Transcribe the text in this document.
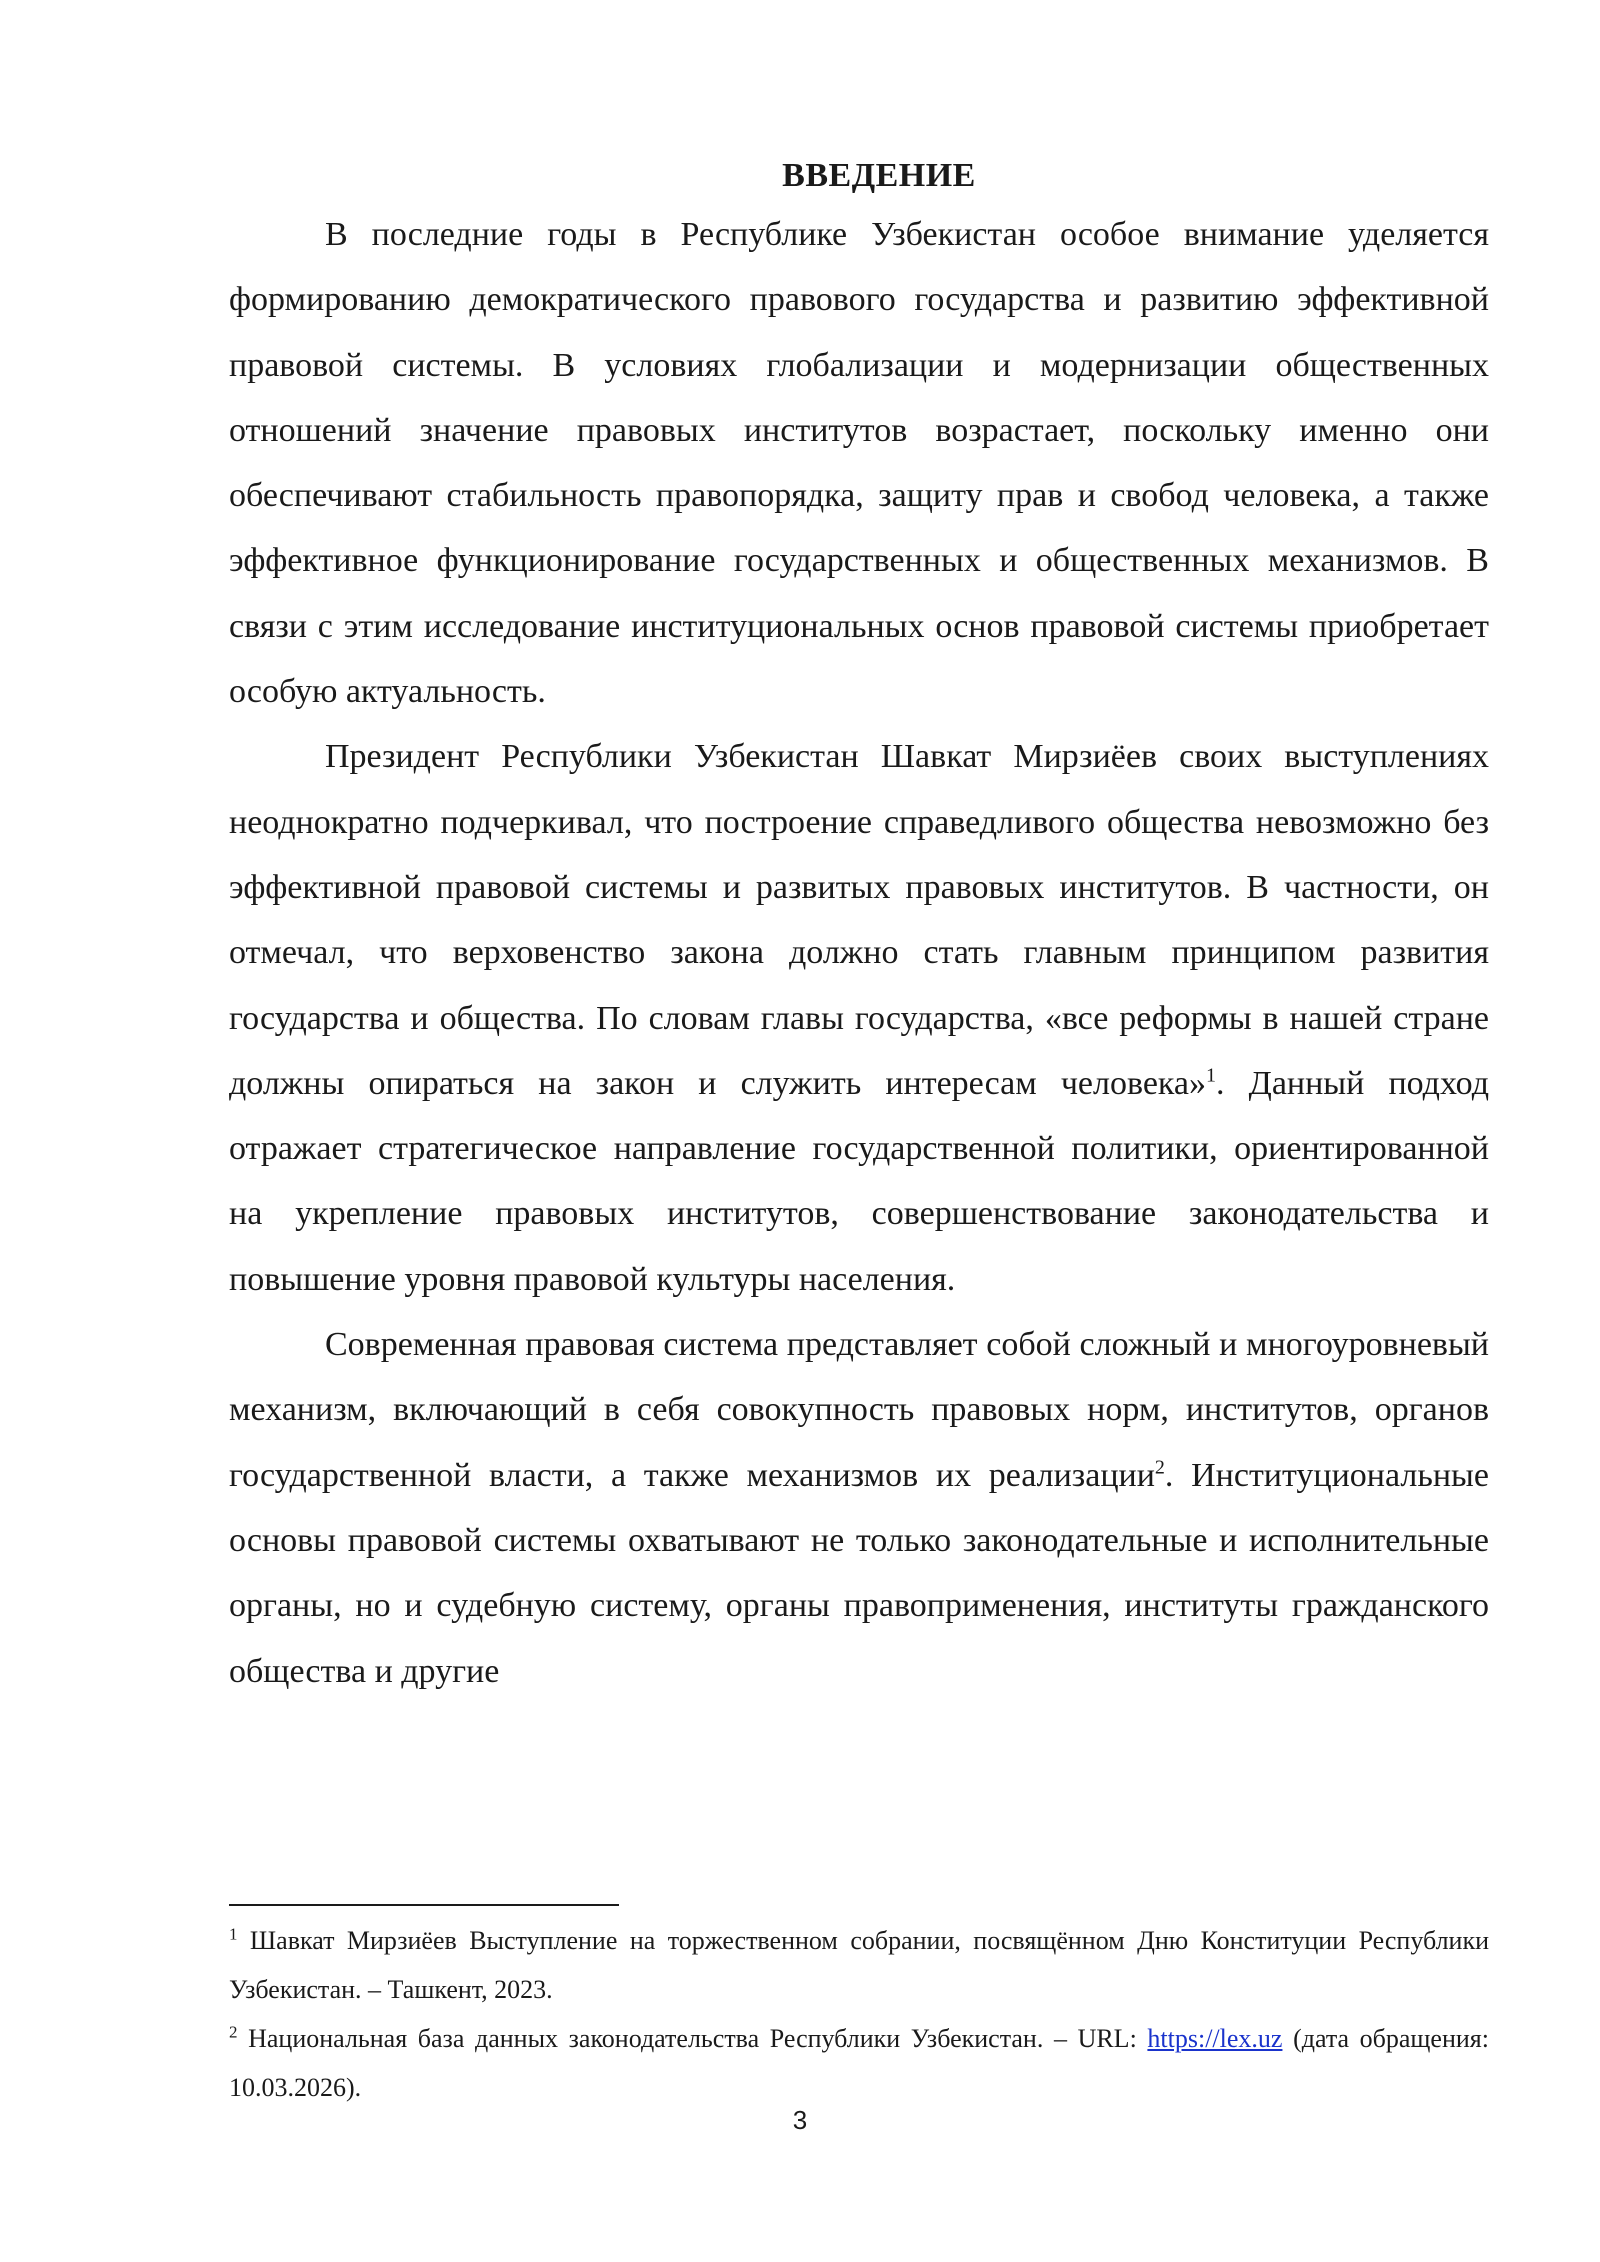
ВВЕДЕНИЕ

В последние годы в Республике Узбекистан особое внимание уделяется формированию демократического правового государства и развитию эффективной правовой системы. В условиях глобализации и модернизации общественных отношений значение правовых институтов возрастает, поскольку именно они обеспечивают стабильность правопорядка, защиту прав и свобод человека, а также эффективное функционирование государственных и общественных механизмов. В связи с этим исследование институциональных основ правовой системы приобретает особую актуальность.

Президент Республики Узбекистан Шавкат Мирзиёев своих выступлениях неоднократно подчеркивал, что построение справедливого общества невозможно без эффективной правовой системы и развитых правовых институтов. В частности, он отмечал, что верховенство закона должно стать главным принципом развития государства и общества. По словам главы государства, «все реформы в нашей стране должны опираться на закон и служить интересам человека»$^1$. Данный подход отражает стратегическое направление государственной политики, ориентированной на укрепление правовых институтов, совершенствование законодательства и повышение уровня правовой культуры населения.

Современная правовая система представляет собой сложный и многоуровневый механизм, включающий в себя совокупность правовых норм, институтов, органов государственной власти, а также механизмов их реализации$^2$. Институциональные основы правовой системы охватывают не только законодательные и исполнительные органы, но и судебную систему, органы правоприменения, институты гражданского общества и другие

$^1$ Шавкат Мирзиёев Выступление на торжественном собрании, посвящённом Дню Конституции Республики Узбекистан. – Ташкент, 2023.

$^2$ Национальная база данных законодательства Республики Узбекистан. – URL: https://lex.uz (дата обращения: 10.03.2026).

3
